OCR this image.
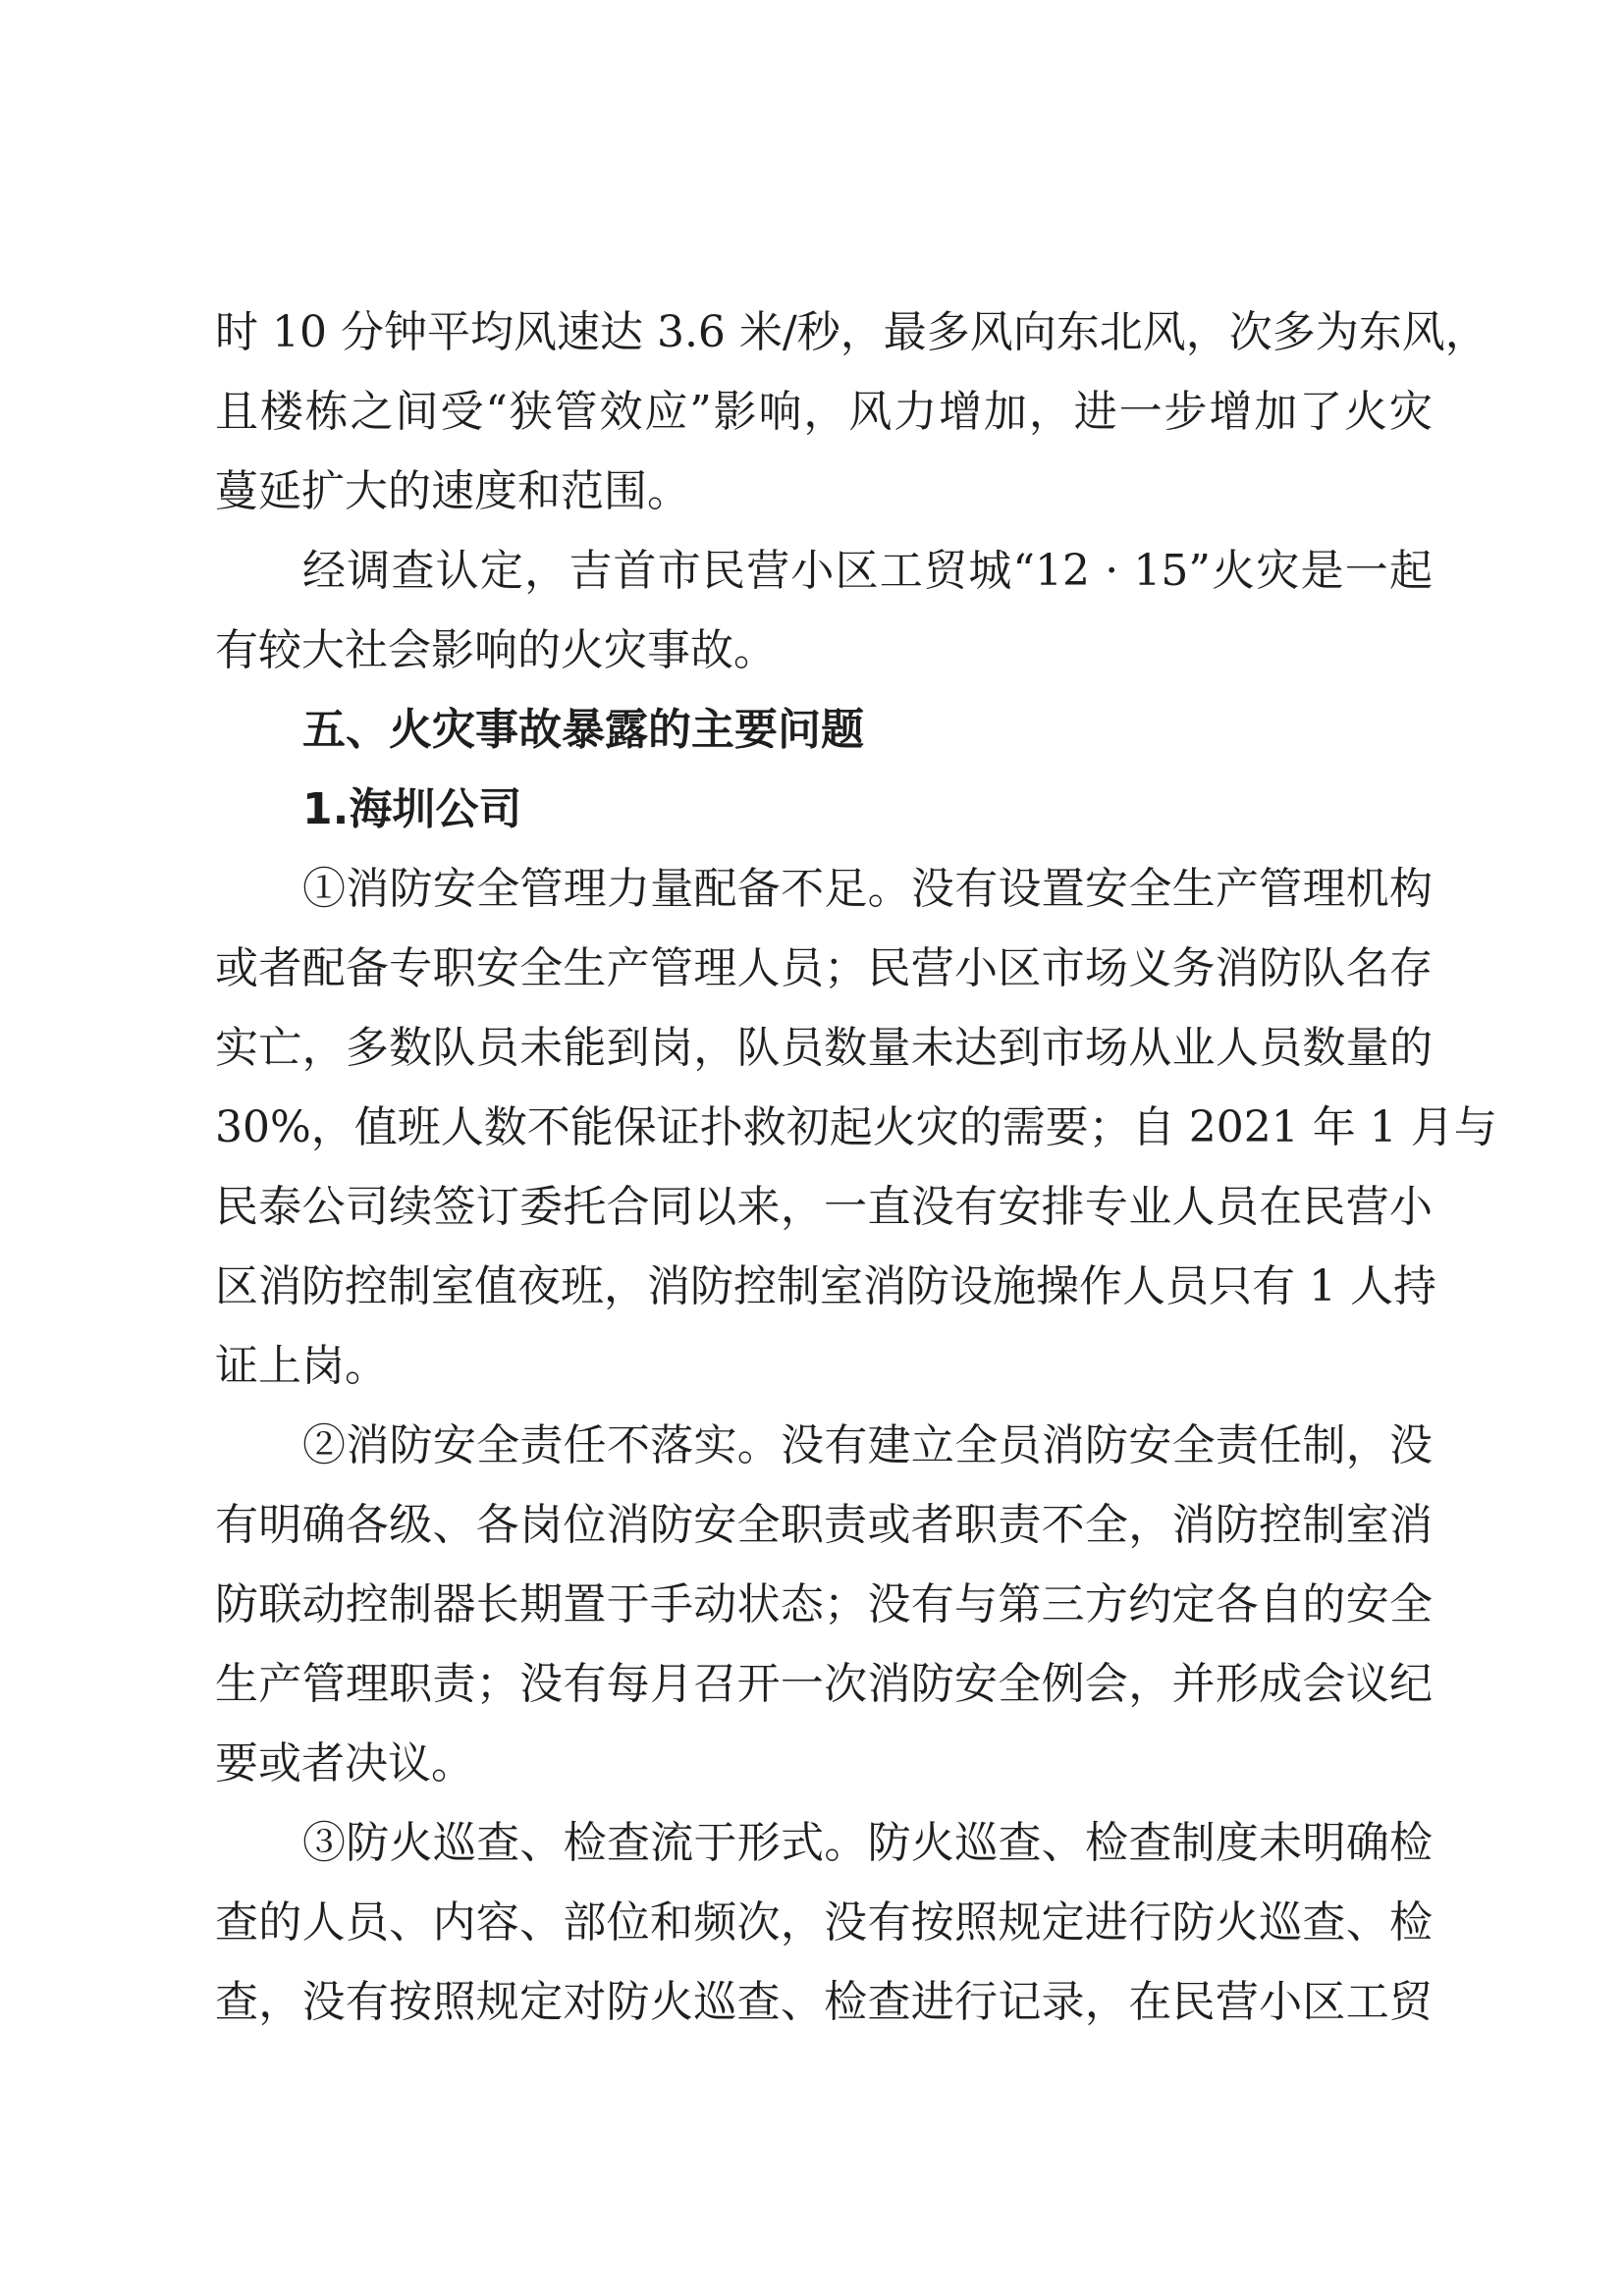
时 10 分钟平均风速达 3.6 米/秒，最多风向东北风，次多为东风，
且楼栋之间受“狭管效应”影响，风力增加，进一步增加了火灾
蔓延扩大的速度和范围。
经调查认定，吉首市民营小区工贸城“12 · 15”火灾是一起
有较大社会影响的火灾事故。
五、火灾事故暴露的主要问题
1.海圳公司
①消防安全管理力量配备不足。没有设置安全生产管理机构
或者配备专职安全生产管理人员；民营小区市场义务消防队名存
实亡，多数队员未能到岗，队员数量未达到市场从业人员数量的
30%，值班人数不能保证扑救初起火灾的需要；自 2021 年 1 月与
民泰公司续签订委托合同以来，一直没有安排专业人员在民营小
区消防控制室值夜班，消防控制室消防设施操作人员只有 1 人持
证上岗。
②消防安全责任不落实。没有建立全员消防安全责任制，没
有明确各级、各岗位消防安全职责或者职责不全，消防控制室消
防联动控制器长期置于手动状态；没有与第三方约定各自的安全
生产管理职责；没有每月召开一次消防安全例会，并形成会议纪
要或者决议。
③防火巡查、检查流于形式。防火巡查、检查制度未明确检
查的人员、内容、部位和频次，没有按照规定进行防火巡查、检
查，没有按照规定对防火巡查、检查进行记录，在民营小区工贸
